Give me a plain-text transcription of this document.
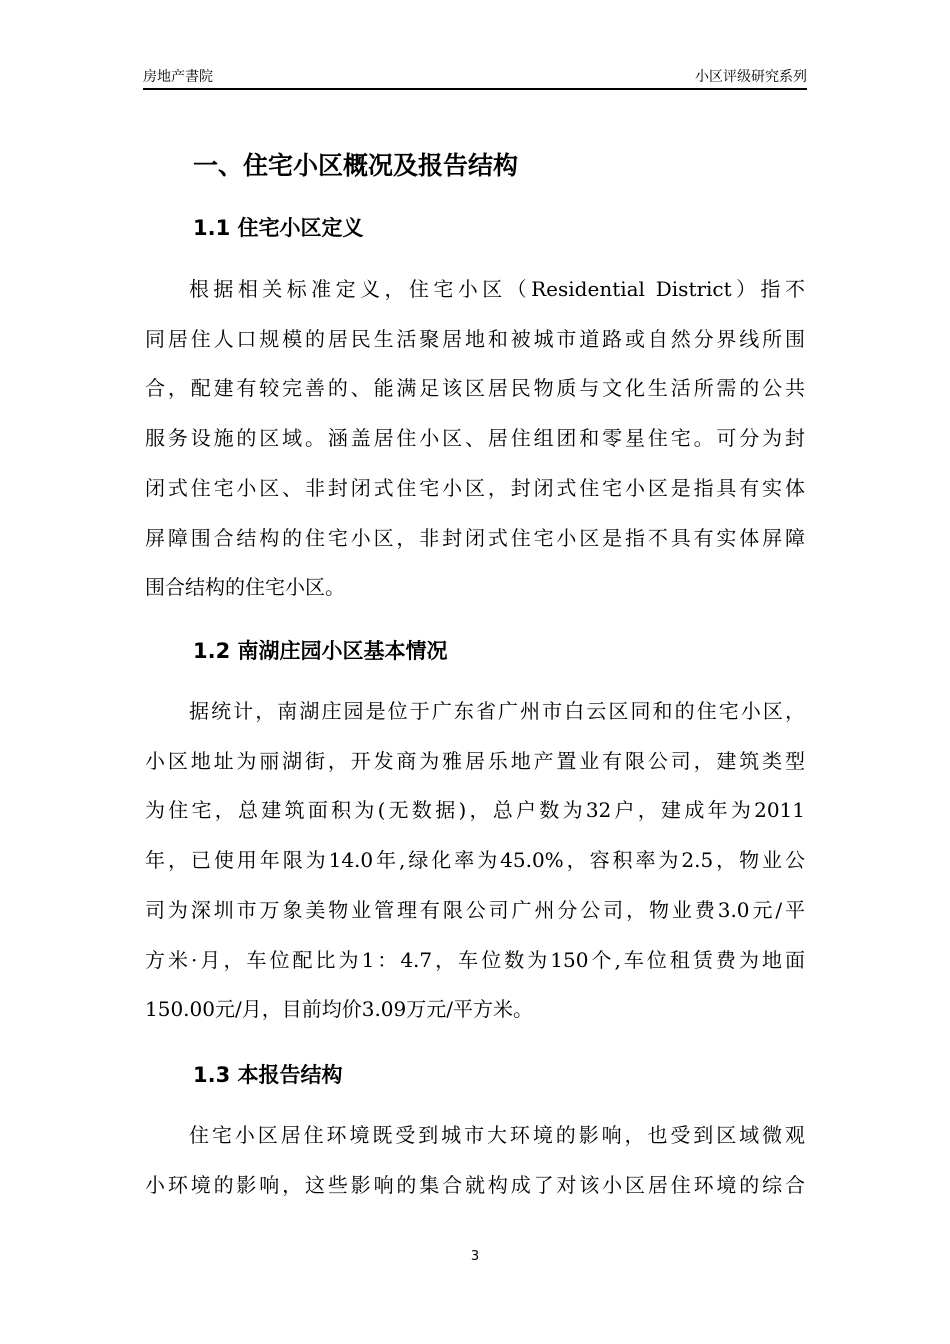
房地产書院	小区评级研究系列
一、住宅小区概况及报告结构
1.1 住宅小区定义
根据相关标准定义，住宅小区（Residential District）指不
同居住人口规模的居民生活聚居地和被城市道路或自然分界线所围
合，配建有较完善的、能满足该区居民物质与文化生活所需的公共
服务设施的区域。涵盖居住小区、居住组团和零星住宅。可分为封
闭式住宅小区、非封闭式住宅小区，封闭式住宅小区是指具有实体
屏障围合结构的住宅小区，非封闭式住宅小区是指不具有实体屏障
围合结构的住宅小区。
1.2 南湖庄园小区基本情况
据统计，南湖庄园是位于广东省广州市白云区同和的住宅小区，
小区地址为丽湖街，开发商为雅居乐地产置业有限公司，建筑类型
为住宅，总建筑面积为(无数据)，总户数为32户，建成年为2011
年，已使用年限为14.0年,绿化率为45.0%，容积率为2.5，物业公
司为深圳市万象美物业管理有限公司广州分公司，物业费3.0元/平
方米·月，车位配比为1：4.7，车位数为150个,车位租赁费为地面
150.00元/月，目前均价3.09万元/平方米。
1.3 本报告结构
住宅小区居住环境既受到城市大环境的影响，也受到区域微观
小环境的影响，这些影响的集合就构成了对该小区居住环境的综合
3
